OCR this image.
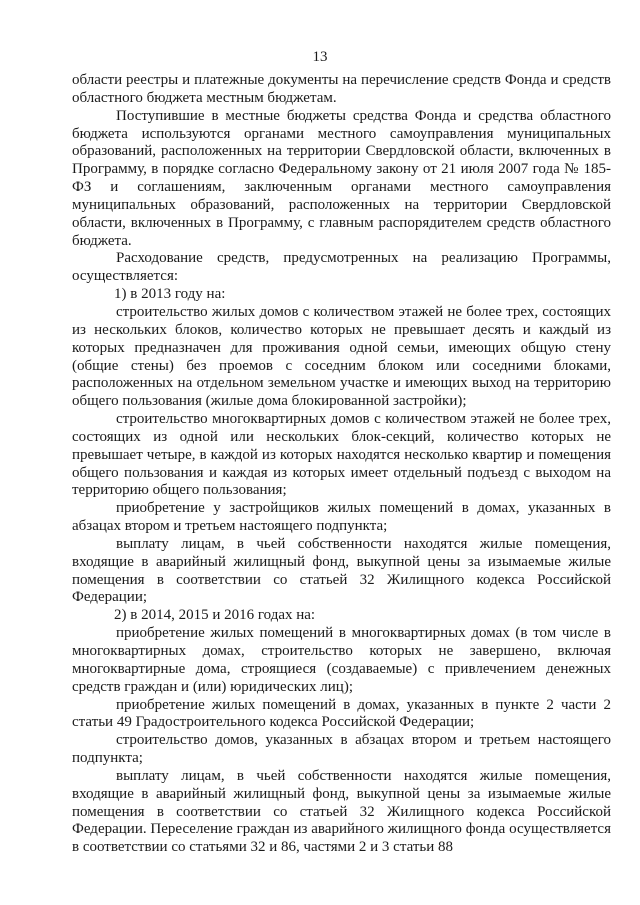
13

области реестры и платежные документы на перечисление средств Фонда и средств областного бюджета местным бюджетам.

Поступившие в местные бюджеты средства Фонда и средства областного бюджета используются органами местного самоуправления муниципальных образований, расположенных на территории Свердловской области, включенных в Программу, в порядке согласно Федеральному закону от 21 июля 2007 года № 185-ФЗ и соглашениям, заключенным органами местного самоуправления муниципальных образований, расположенных на территории Свердловской области, включенных в Программу, с главным распорядителем средств областного бюджета.

Расходование средств, предусмотренных на реализацию Программы, осуществляется:

1) в 2013 году на:

строительство жилых домов с количеством этажей не более трех, состоящих из нескольких блоков, количество которых не превышает десять и каждый из которых предназначен для проживания одной семьи, имеющих общую стену (общие стены) без проемов с соседним блоком или соседними блоками, расположенных на отдельном земельном участке и имеющих выход на территорию общего пользования (жилые дома блокированной застройки);

строительство многоквартирных домов с количеством этажей не более трех, состоящих из одной или нескольких блок-секций, количество которых не превышает четыре, в каждой из которых находятся несколько квартир и помещения общего пользования и каждая из которых имеет отдельный подъезд с выходом на территорию общего пользования;

приобретение у застройщиков жилых помещений в домах, указанных в абзацах втором и третьем настоящего подпункта;

выплату лицам, в чьей собственности находятся жилые помещения, входящие в аварийный жилищный фонд, выкупной цены за изымаемые жилые помещения в соответствии со статьей 32 Жилищного кодекса Российской Федерации;

2) в 2014, 2015 и 2016 годах на:

приобретение жилых помещений в многоквартирных домах (в том числе в многоквартирных домах, строительство которых не завершено, включая многоквартирные дома, строящиеся (создаваемые) с привлечением денежных средств граждан и (или) юридических лиц);

приобретение жилых помещений в домах, указанных в пункте 2 части 2 статьи 49 Градостроительного кодекса Российской Федерации;

строительство домов, указанных в абзацах втором и третьем настоящего подпункта;

выплату лицам, в чьей собственности находятся жилые помещения, входящие в аварийный жилищный фонд, выкупной цены за изымаемые жилые помещения в соответствии со статьей 32 Жилищного кодекса Российской Федерации. Переселение граждан из аварийного жилищного фонда осуществляется в соответствии со статьями 32 и 86, частями 2 и 3 статьи 88
